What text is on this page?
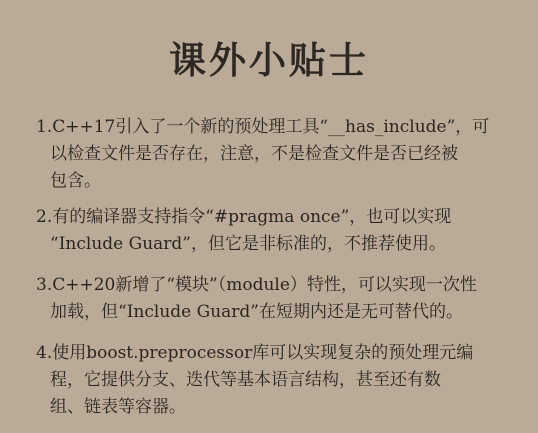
课外小贴士
1.C++17引入了一个新的预处理工具“__has_include”，可
以检查文件是否存在，注意，不是检查文件是否已经被
包含。
2.有的编译器支持指令“#pragma once”，也可以实现
“Include Guard”，但它是非标准的，不推荐使用。
3.C++20新增了“模块”（module）特性，可以实现一次性
加载，但“Include Guard”在短期内还是无可替代的。
4.使用boost.preprocessor库可以实现复杂的预处理元编
程，它提供分支、迭代等基本语言结构，甚至还有数
组、链表等容器。
